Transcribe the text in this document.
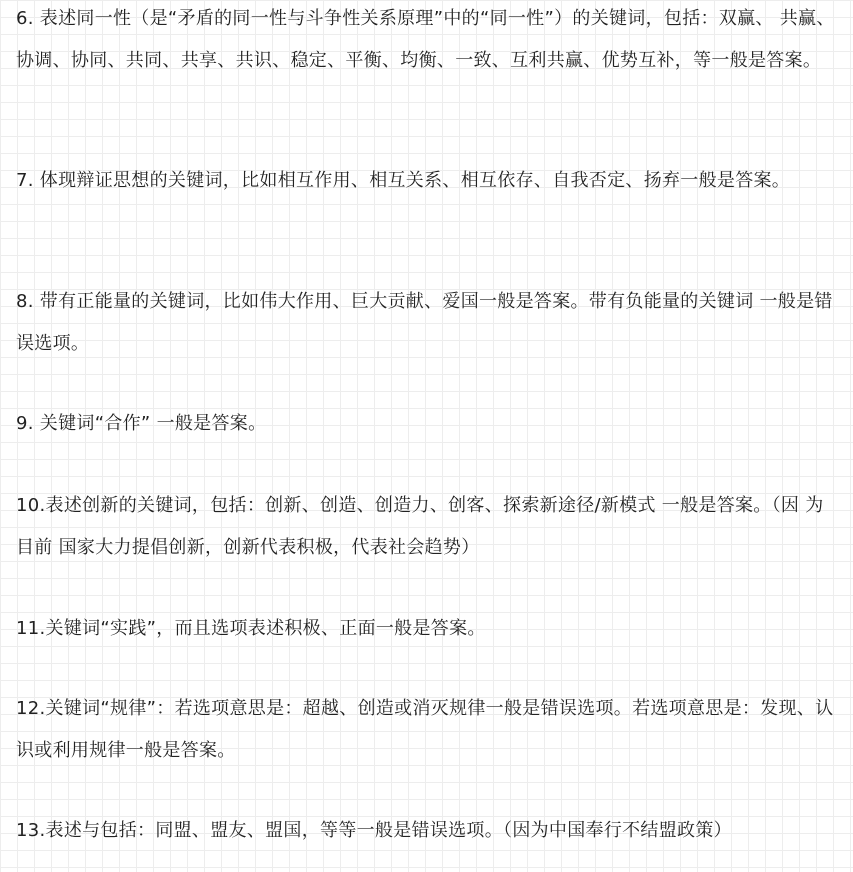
6. 表述同一性（是“矛盾的同一性与斗争性关系原理”中的“同一性”）的关键词，包括：双赢、 共赢、协调、协同、共同、共享、共识、稳定、平衡、均衡、一致、互利共赢、优势互补，等一般是答案。

7. 体现辩证思想的关键词，比如相互作用、相互关系、相互依存、自我否定、扬弃一般是答案。

8. 带有正能量的关键词，比如伟大作用、巨大贡献、爱国一般是答案。带有负能量的关键词 一般是错误选项。

9. 关键词“合作” 一般是答案。

10.表述创新的关键词，包括：创新、创造、创造力、创客、探索新途径/新模式 一般是答案。（因 为目前 国家大力提倡创新，创新代表积极，代表社会趋势）

11.关键词“实践”，而且选项表述积极、正面一般是答案。

12.关键词“规律”：若选项意思是：超越、创造或消灭规律一般是错误选项。若选项意思是：发现、认识或利用规律一般是答案。

13.表述与包括：同盟、盟友、盟国，等等一般是错误选项。（因为中国奉行不结盟政策）
